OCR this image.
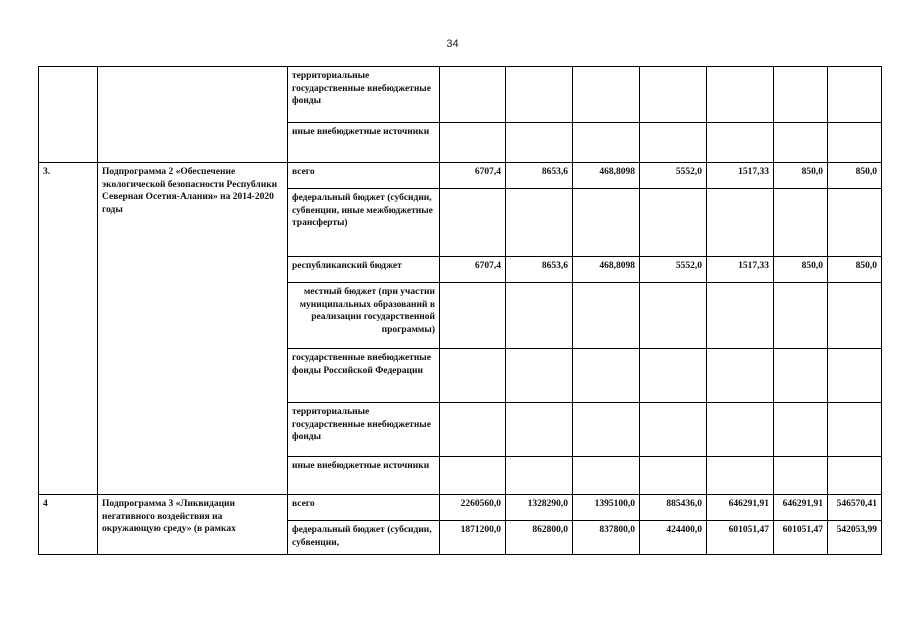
34
		территориальные государственные внебюджетные фонды							
		иные внебюджетные источники							
3.	Подпрограмма 2 «Обеспечение экологической безопасности Республики Северная Осетия-Алания» на 2014-2020 годы	всего	6707,4	8653,6	468,8098	5552,0	1517,33	850,0	850,0
		федеральный бюджет (субсидии, субвенции, иные межбюджетные трансферты)							
		республиканский бюджет	6707,4	8653,6	468,8098	5552,0	1517,33	850,0	850,0
		местный бюджет (при участии муниципальных образований в реализации государственной программы)							
		государственные внебюджетные фонды Российской Федерации							
		территориальные государственные внебюджетные фонды							
		иные внебюджетные источники							
4	Подпрограмма 3 «Ликвидации негативного воздействия на окружающую среду» (в рамках	всего	2260560,0	1328290,0	1395100,0	885436,0	646291,91	646291,91	546570,41
		федеральный бюджет (субсидии, субвенции,	1871200,0	862800,0	837800,0	424400,0	601051,47	601051,47	542053,99
